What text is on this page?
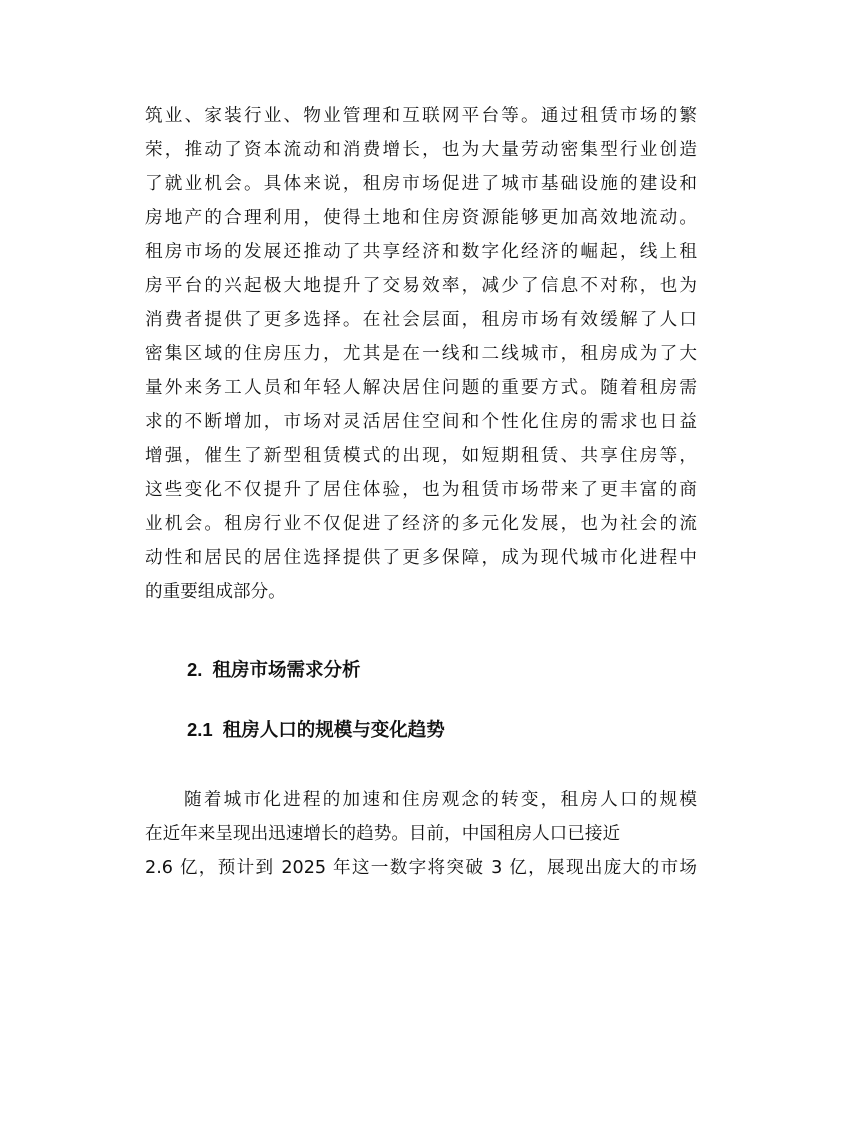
筑业、家装行业、物业管理和互联网平台等。通过租赁市场的繁
荣，推动了资本流动和消费增长，也为大量劳动密集型行业创造
了就业机会。具体来说，租房市场促进了城市基础设施的建设和
房地产的合理利用，使得土地和住房资源能够更加高效地流动。
租房市场的发展还推动了共享经济和数字化经济的崛起，线上租
房平台的兴起极大地提升了交易效率，减少了信息不对称，也为
消费者提供了更多选择。在社会层面，租房市场有效缓解了人口
密集区域的住房压力，尤其是在一线和二线城市，租房成为了大
量外来务工人员和年轻人解决居住问题的重要方式。随着租房需
求的不断增加，市场对灵活居住空间和个性化住房的需求也日益
增强，催生了新型租赁模式的出现，如短期租赁、共享住房等，
这些变化不仅提升了居住体验，也为租赁市场带来了更丰富的商
业机会。租房行业不仅促进了经济的多元化发展，也为社会的流
动性和居民的居住选择提供了更多保障，成为现代城市化进程中
的重要组成部分。
2. 租房市场需求分析
2.1 租房人口的规模与变化趋势
随着城市化进程的加速和住房观念的转变，租房人口的规模
在近年来呈现出迅速增长的趋势。目前，中国租房人口已接近
2.6 亿，预计到 2025 年这一数字将突破 3 亿，展现出庞大的市场
